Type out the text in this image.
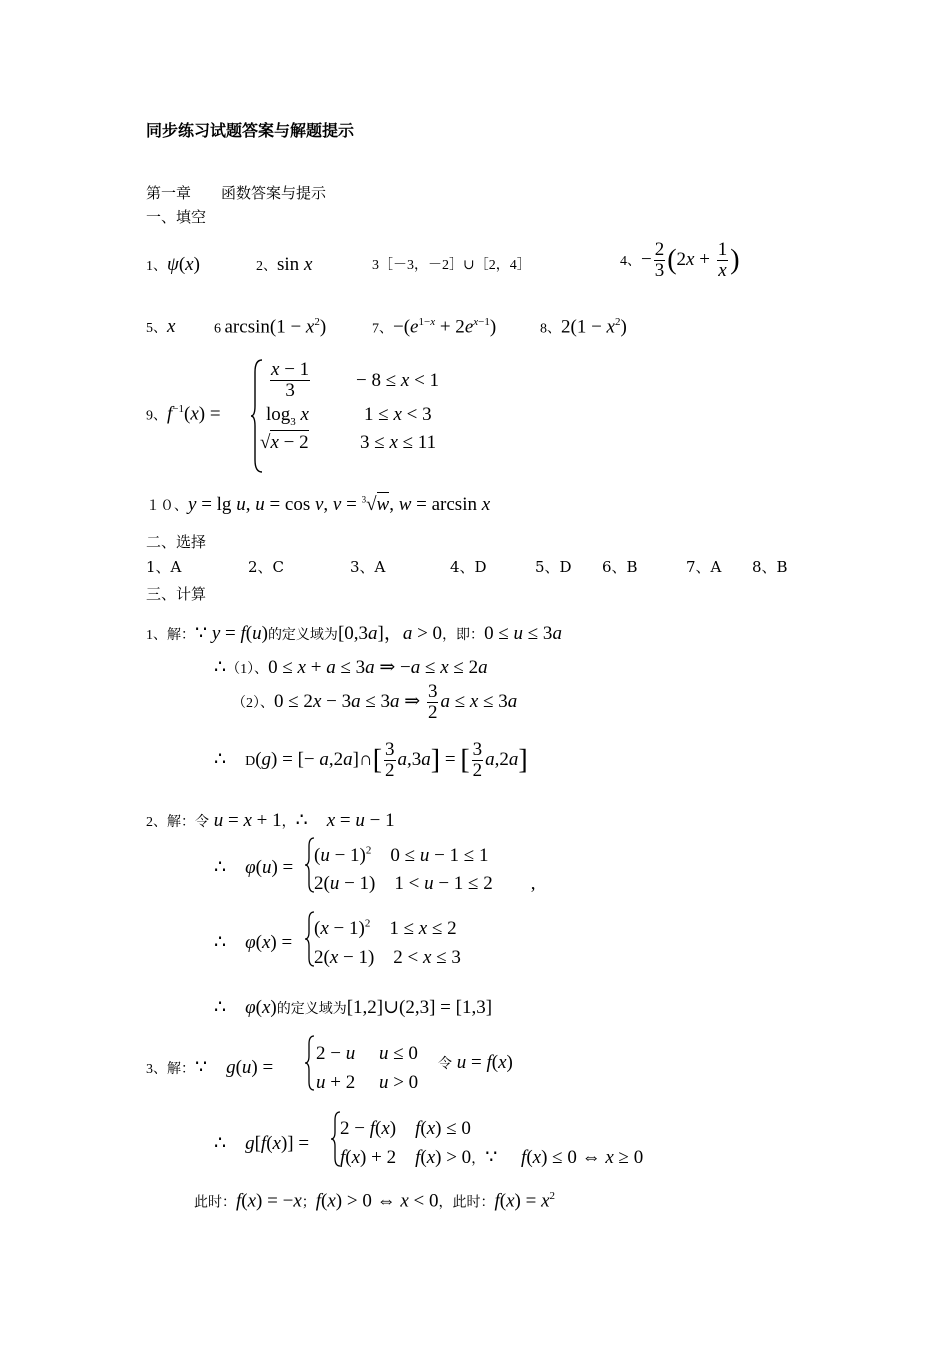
同步练习试题答案与解题提示
第一章　　函数答案与提示
一、填空
1、ψ(x)	2、sin x	3［－3，－2］∪［2，4］	4、− $\frac{2}{3} (2x + \frac{1}{x}$ )
5、x	6 $\arcsin(1 - x^2)$	7、$-(e^{1-x} + 2e^{x-1})$	8、$2(1 - x^2)$
9、$f^{-1}(x)$ =
$\frac{x - 1}{3} - 8 \le x < 1$
$\log_3 x$	1 ≤ x < 3
√x − 2	3 ≤ x ≤ 11
１０、y = lg u, u = cos v, v = $^3$√w, w = arcsin x
二、选择
1、A	2、C	3、A	4、D	5、D 6、B	7、A 8、B
三、计算
1、解：∵ y = f(u)的定义域为[0,3a]，a > 0，即：0 ≤ u ≤ 3a
∴（1）、0 ≤ x + a ≤ 3a ⇒ −a ≤ x ≤ 2a
（2）、0 ≤ 2x − 3a ≤ 3a ⇒ $\frac{3}{2}$ a ≤ x ≤ 3a
∴　D(g) = [− a,2a]∩[ $\frac{3}{2} a,3a$] = [ $\frac{3}{2} a,2a$]
2、解：令 u = x + 1，∴　x = u − 1
∴　φ(u) =
$(u - 1)^2$　0 ≤ u − 1 ≤ 1
2(u − 1)　1 < u − 1 ≤ 2　　,
∴　φ(x) =
$(x - 1)^2$　1 ≤ x ≤ 2
2(x − 1)　2 < x ≤ 3
∴　φ(x)的定义域为[1,2]∪(2,3] = [1,3]
3、解：∵　g(u) =
2 − u　 u ≤ 0
u + 2　 u > 0
令 u = f(x)
∴　g[f(x)] =
2 − f(x)　f(x) ≤ 0
f(x) + 2　f(x) > 0，∵　 f(x) ≤ 0 ⇔ x ≥ 0
此时：f(x) = −x；f(x) > 0 ⇔ x < 0，此时：$f(x) = x^2$
